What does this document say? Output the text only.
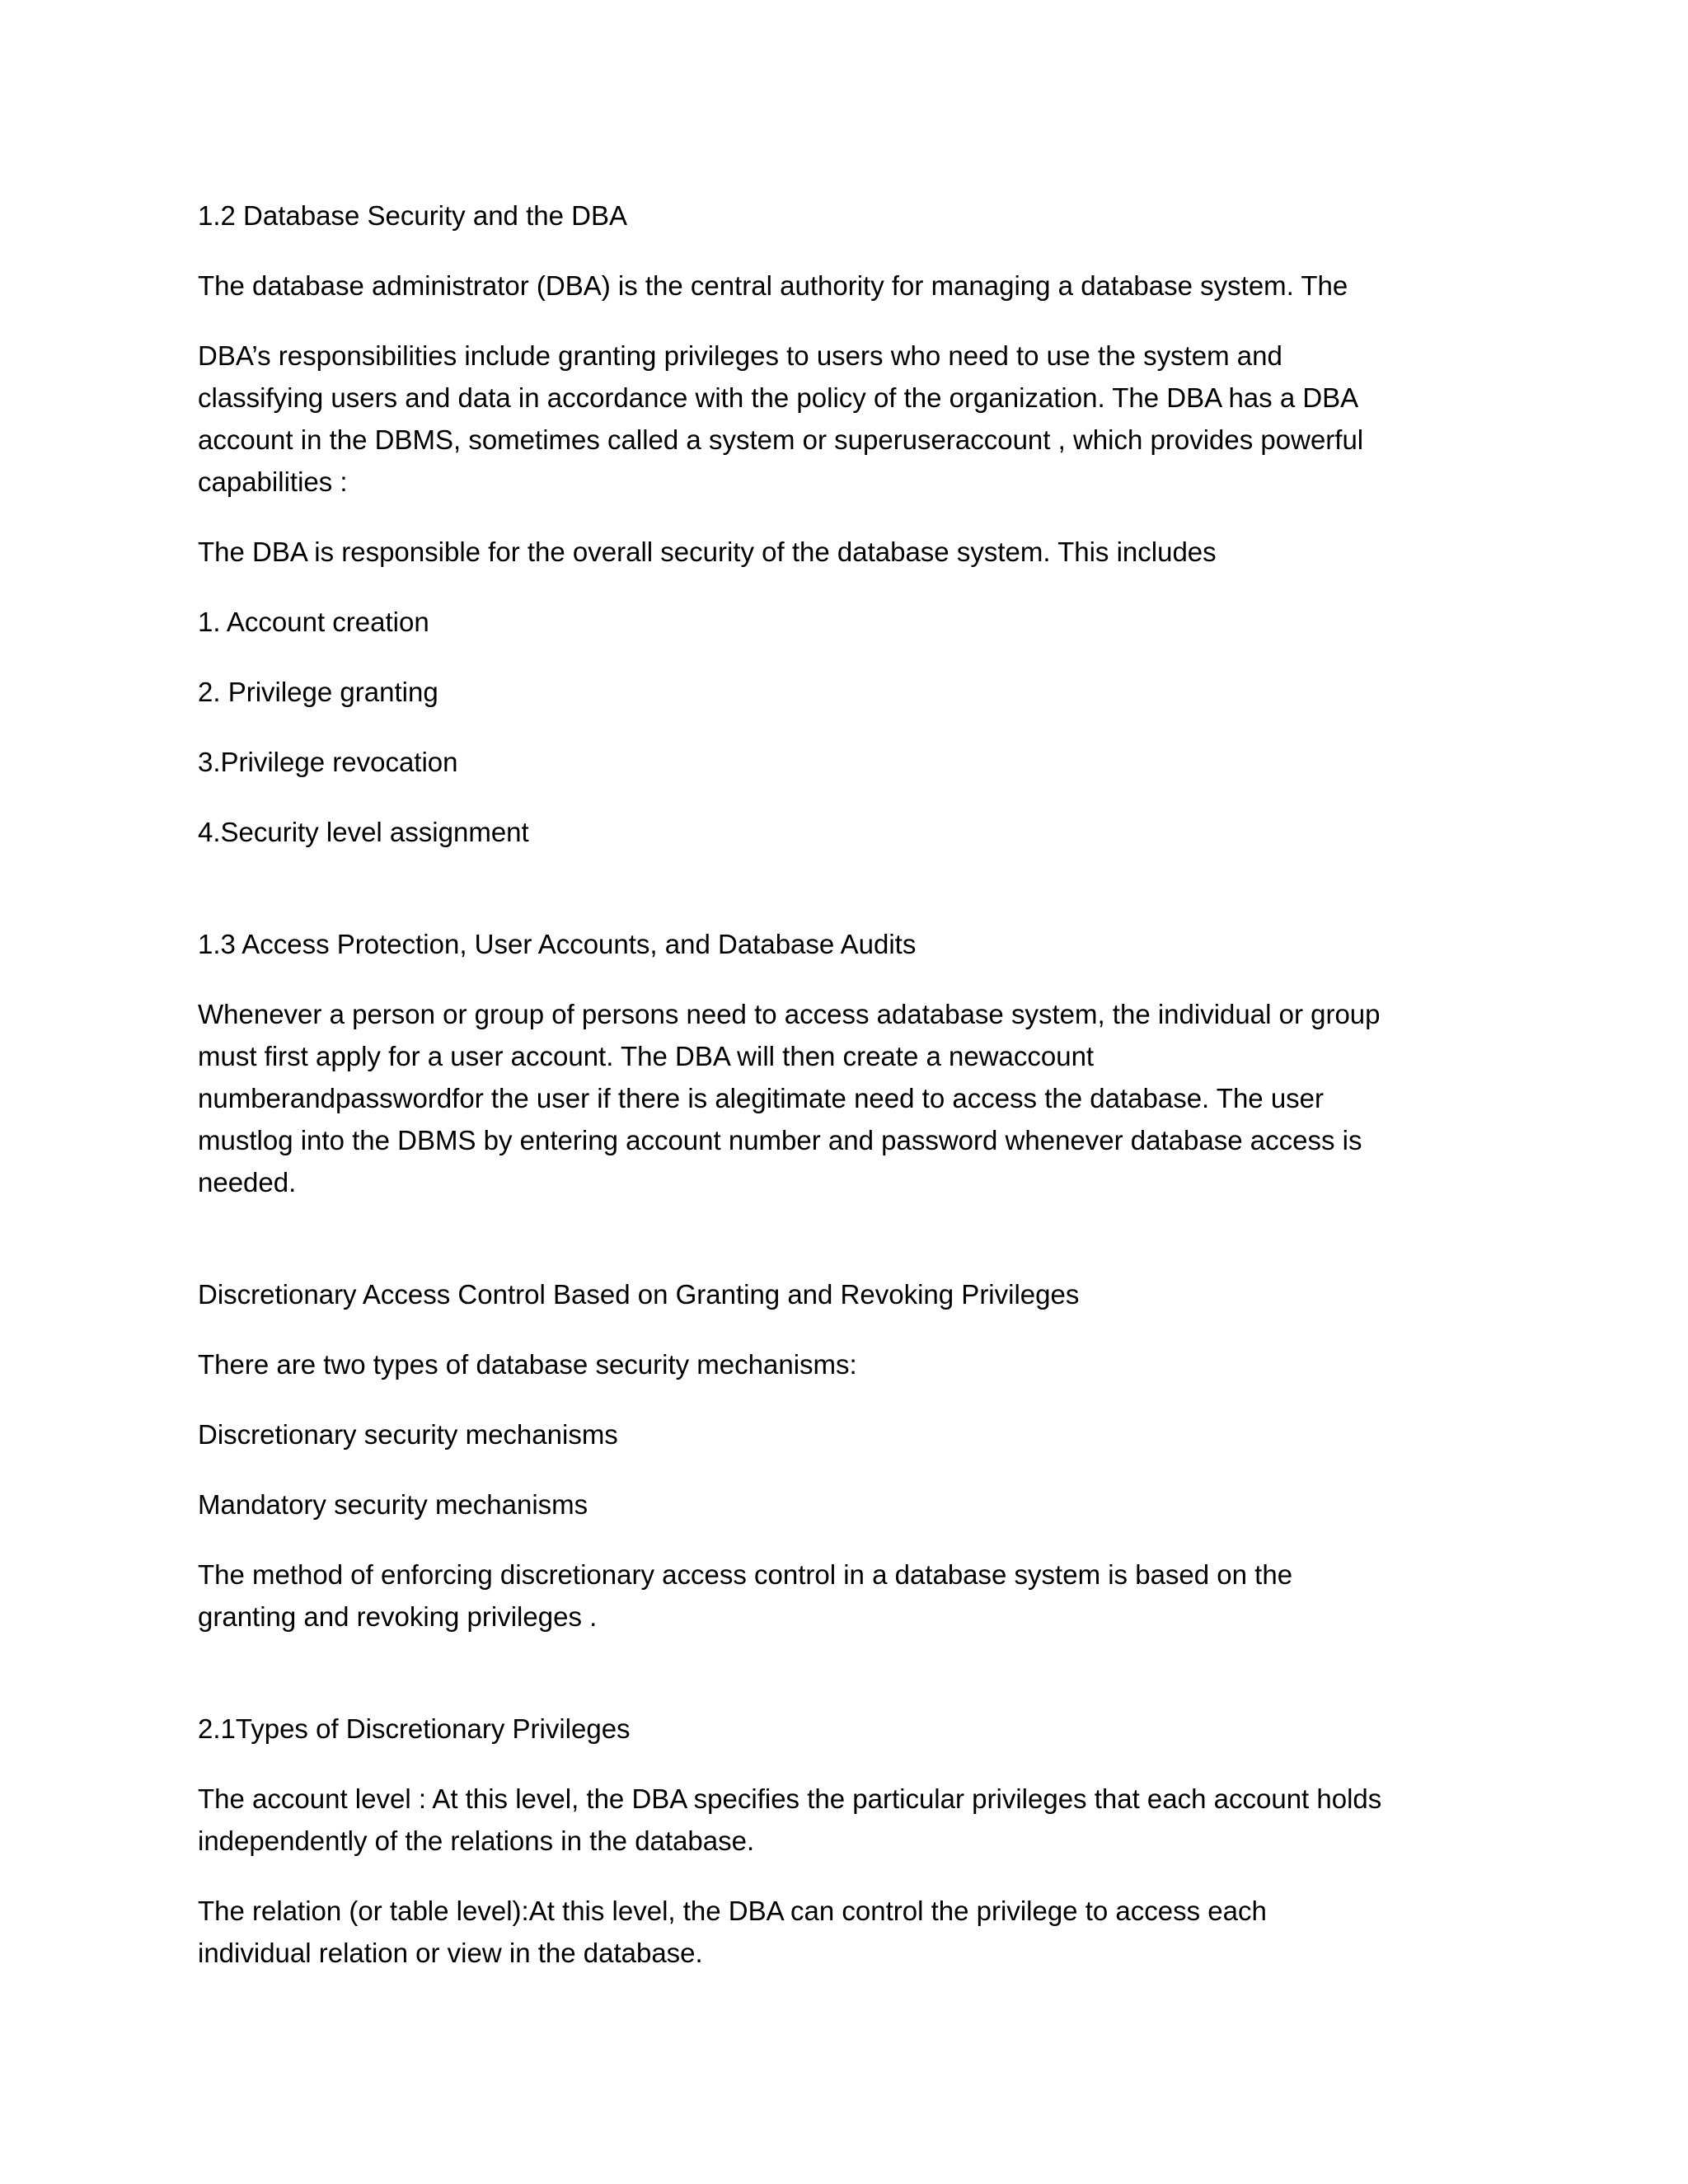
1.2 Database Security and the DBA

The database administrator (DBA) is the central authority for managing a database system. The

DBA’s responsibilities include granting privileges to users who need to use the system and classifying users and data in accordance with the policy of the organization. The DBA has a DBA account in the DBMS, sometimes called a system or superuseraccount , which provides powerful capabilities :

The DBA is responsible for the overall security of the database system. This includes

1. Account creation

2. Privilege granting

3.Privilege revocation

4.Security level assignment

1.3 Access Protection, User Accounts, and Database Audits

Whenever a person or group of persons need to access adatabase system, the individual or group must first apply for a user account. The DBA will then create a newaccount numberandpasswordfor the user if there is alegitimate need to access the database. The user mustlog into the DBMS by entering account number and password whenever database access is needed.

Discretionary Access Control Based on Granting and Revoking Privileges

There are two types of database security mechanisms:

Discretionary security mechanisms

Mandatory security mechanisms

The method of enforcing discretionary access control in a database system is based on the granting and revoking privileges .

2.1Types of Discretionary Privileges

The account level : At this level, the DBA specifies the particular privileges that each account holds independently of the relations in the database.

The relation (or table level):At this level, the DBA can control the privilege to access each individual relation or view in the database.
